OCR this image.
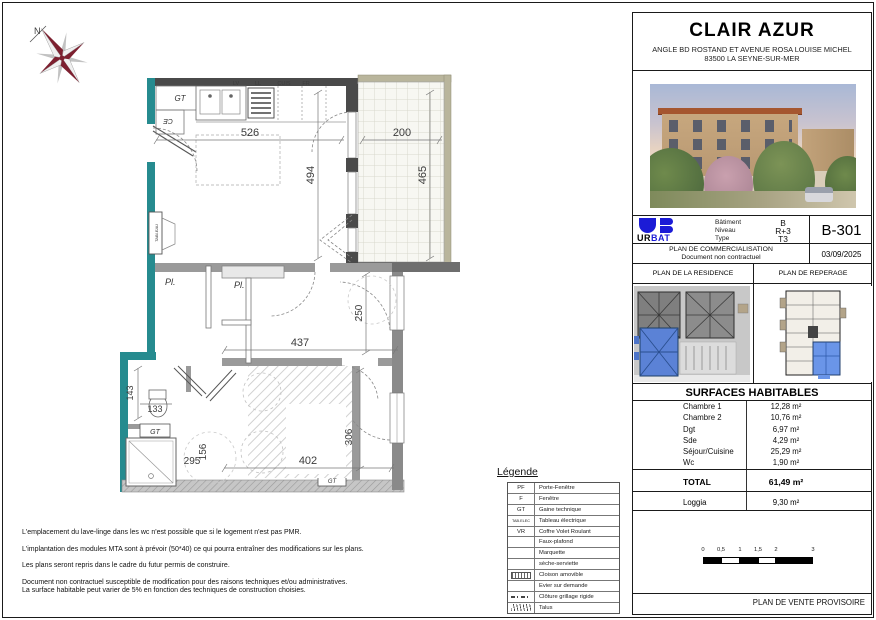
N
526	200
494	465
250
437
143
133
295
156
402
306
GT
CE
TABLEAU
LV	LL	CUIS FR
Pl.	Pl.
GT
GT

L'emplacement du lave-linge dans les wc n'est possible que si le logement n'est pas PMR.

L'implantation des modules MTA sont à prévoir (50*40) ce qui pourra entraîner des modifications sur les plans.

Les plans seront repris dans le cadre du futur permis de construire.

Document non contractuel susceptible de modification pour des raisons techniques et/ou administratives.

La surface habitable peut varier de 5% en fonction des techniques de construction choisies.

Légende
PF	Porte-Fenêtre
F	Fenêtre
GT	Gaine technique
TAB.ELEC	Tableau électrique
VR	Coffre Volet Roulant
Faux-plafond
Marquette
sèche-serviette
Cloison amovible
Evier sur demande
Clôture grillage rigide
Talus
CLAIR AZUR
ANGLE BD ROSTAND ET AVENUE ROSA LOUISE MICHEL
83500 LA SEYNE-SUR-MER
URBAT
Bâtiment	B
Niveau	R+3
Type	T3	B-301
PLAN DE COMMERCIALISATION
Document non contractuel	03/09/2025
PLAN DE LA RESIDENCE	PLAN DE REPERAGE
SURFACES HABITABLES
Chambre 1	12,28 m²
Chambre 2	10,76 m²
Dgt	6,97 m²
Sde	4,29 m²
Séjour/Cuisine	25,29 m²
Wc	1,90 m²
TOTAL	61,49 m²
Loggia	9,30 m²
0 0,5 1 1,5 2	3
PLAN DE VENTE PROVISOIRE
